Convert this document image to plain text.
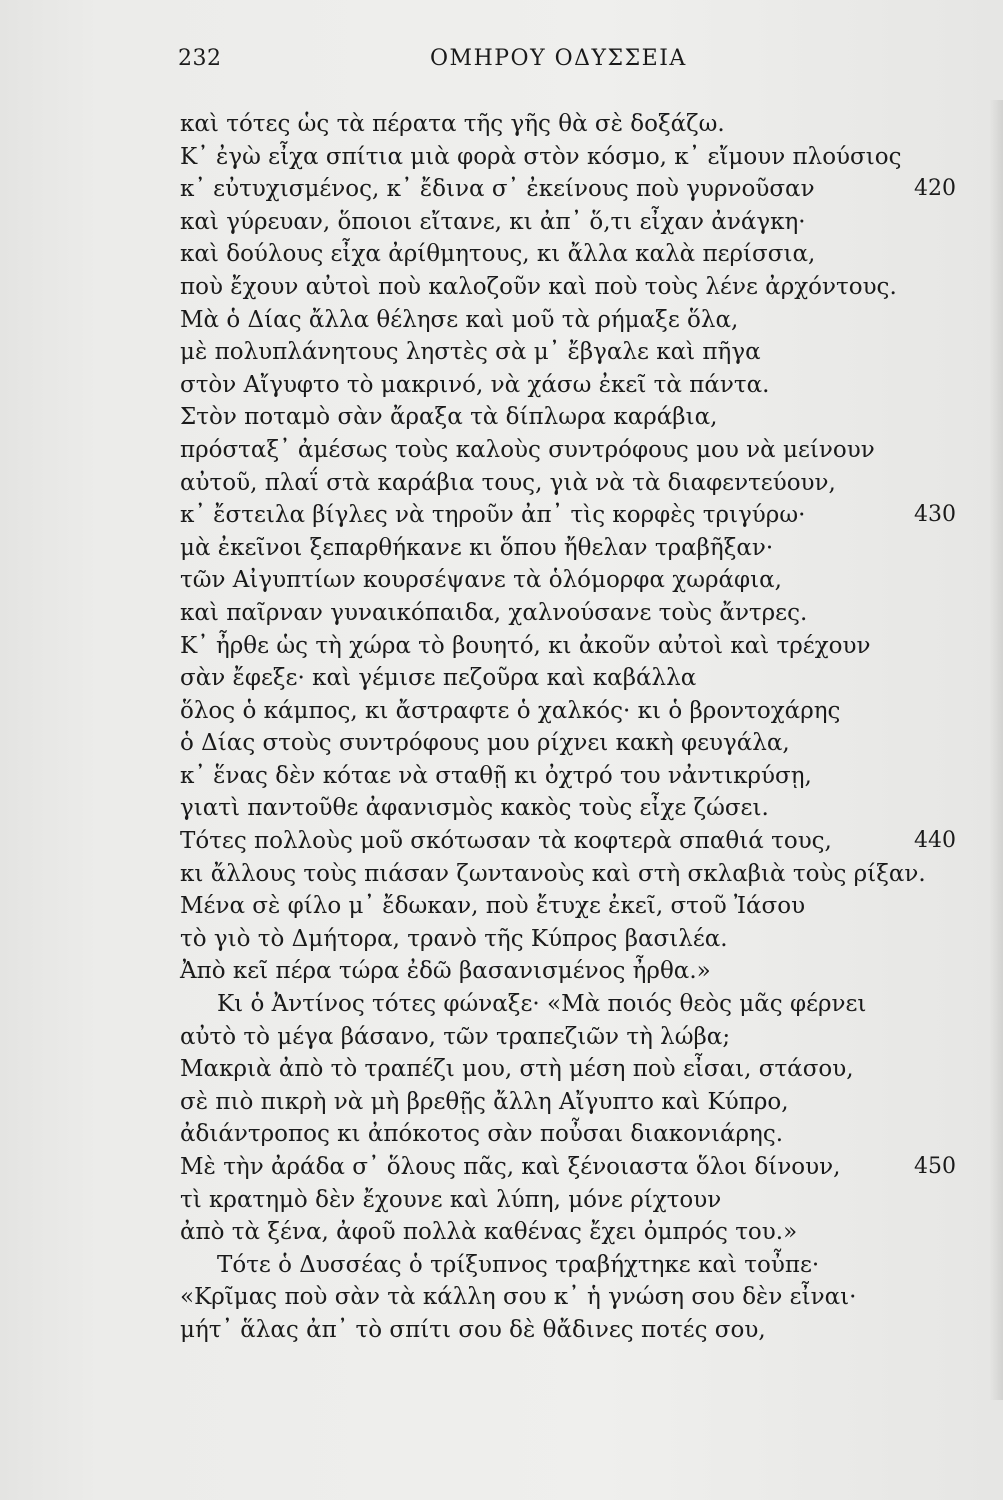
232	ΟΜΗΡΟΥ ΟΔΥΣΣΕΙΑ
καὶ τότες ὡς τὰ πέρατα τῆς γῆς θὰ σὲ δοξάζω.
Κ᾿ ἐγὼ εἶχα σπίτια μιὰ φορὰ στὸν κόσμο, κ᾿ εἴμουν πλούσιος
κ᾿ εὐτυχισμένος, κ᾿ ἔδινα σ᾿ ἐκείνους ποὺ γυρνοῦσαν	420
καὶ γύρευαν, ὅποιοι εἴτανε, κι ἀπ᾿ ὅ,τι εἶχαν ἀνάγκη·
καὶ δούλους εἶχα ἀρίθμητους, κι ἄλλα καλὰ περίσσια,
ποὺ ἔχουν αὐτοὶ ποὺ καλοζοῦν καὶ ποὺ τοὺς λένε ἀρχόντους.
Μὰ ὁ Δίας ἄλλα θέλησε καὶ μοῦ τὰ ρήμαξε ὅλα,
μὲ πολυπλάνητους ληστὲς σὰ μ᾿ ἔβγαλε καὶ πῆγα
στὸν Αἴγυφτο τὸ μακρινό, νὰ χάσω ἐκεῖ τὰ πάντα.
Στὸν ποταμὸ σὰν ἄραξα τὰ δίπλωρα καράβια,
πρόσταξ᾿ ἀμέσως τοὺς καλοὺς συντρόφους μου νὰ μείνουν
αὐτοῦ, πλαΐ στὰ καράβια τους, γιὰ νὰ τὰ διαφεντεύουν,
κ᾿ ἔστειλα βίγλες νὰ τηροῦν ἀπ᾿ τὶς κορφὲς τριγύρω·	430
μὰ ἐκεῖνοι ξεπαρθήκανε κι ὅπου ἤθελαν τραβῆξαν·
τῶν Αἰγυπτίων κουρσέψανε τὰ ὁλόμορφα χωράφια,
καὶ παῖρναν γυναικόπαιδα, χαλνούσανε τοὺς ἄντρες.
Κ᾿ ἦρθε ὡς τὴ χώρα τὸ βουητό, κι ἀκοῦν αὐτοὶ καὶ τρέχουν
σὰν ἔφεξε· καὶ γέμισε πεζοῦρα καὶ καβάλλα
ὅλος ὁ κάμπος, κι ἄστραφτε ὁ χαλκός· κι ὁ βροντοχάρης
ὁ Δίας στοὺς συντρόφους μου ρίχνει κακὴ φευγάλα,
κ᾿ ἕνας δὲν κόταε νὰ σταθῇ κι ὀχτρό του νἀντικρύσῃ,
γιατὶ παντοῦθε ἀφανισμὸς κακὸς τοὺς εἶχε ζώσει.
Τότες πολλοὺς μοῦ σκότωσαν τὰ κοφτερὰ σπαθιά τους,	440
κι ἄλλους τοὺς πιάσαν ζωντανοὺς καὶ στὴ σκλαβιὰ τοὺς ρίξαν.
Μένα σὲ φίλο μ᾿ ἔδωκαν, ποὺ ἔτυχε ἐκεῖ, στοῦ Ἰάσου
τὸ γιὸ τὸ Δμήτορα, τρανὸ τῆς Κύπρος βασιλέα.
Ἀπὸ κεῖ πέρα τώρα ἐδῶ βασανισμένος ἦρθα.»
Κι ὁ Ἀντίνος τότες φώναξε· «Μὰ ποιός θεὸς μᾶς φέρνει
αὐτὸ τὸ μέγα βάσανο, τῶν τραπεζιῶν τὴ λώβα;
Μακριὰ ἀπὸ τὸ τραπέζι μου, στὴ μέση ποὺ εἶσαι, στάσου,
σὲ πιὸ πικρὴ νὰ μὴ βρεθῇς ἄλλη Αἴγυπτο καὶ Κύπρο,
ἀδιάντροπος κι ἀπόκοτος σὰν ποὖσαι διακονιάρης.
Μὲ τὴν ἀράδα σ᾿ ὅλους πᾶς, καὶ ξένοιαστα ὅλοι δίνουν,	450
τὶ κρατημὸ δὲν ἔχουνε καὶ λύπη, μόνε ρίχτουν
ἀπὸ τὰ ξένα, ἀφοῦ πολλὰ καθένας ἔχει ὀμπρός του.»
Τότε ὁ Δυσσέας ὁ τρίξυπνος τραβήχτηκε καὶ τοὖπε·
«Κρῖμας ποὺ σὰν τὰ κάλλη σου κ᾿ ἡ γνώση σου δὲν εἶναι·
μήτ᾿ ἅλας ἀπ᾿ τὸ σπίτι σου δὲ θἄδινες ποτές σου,
